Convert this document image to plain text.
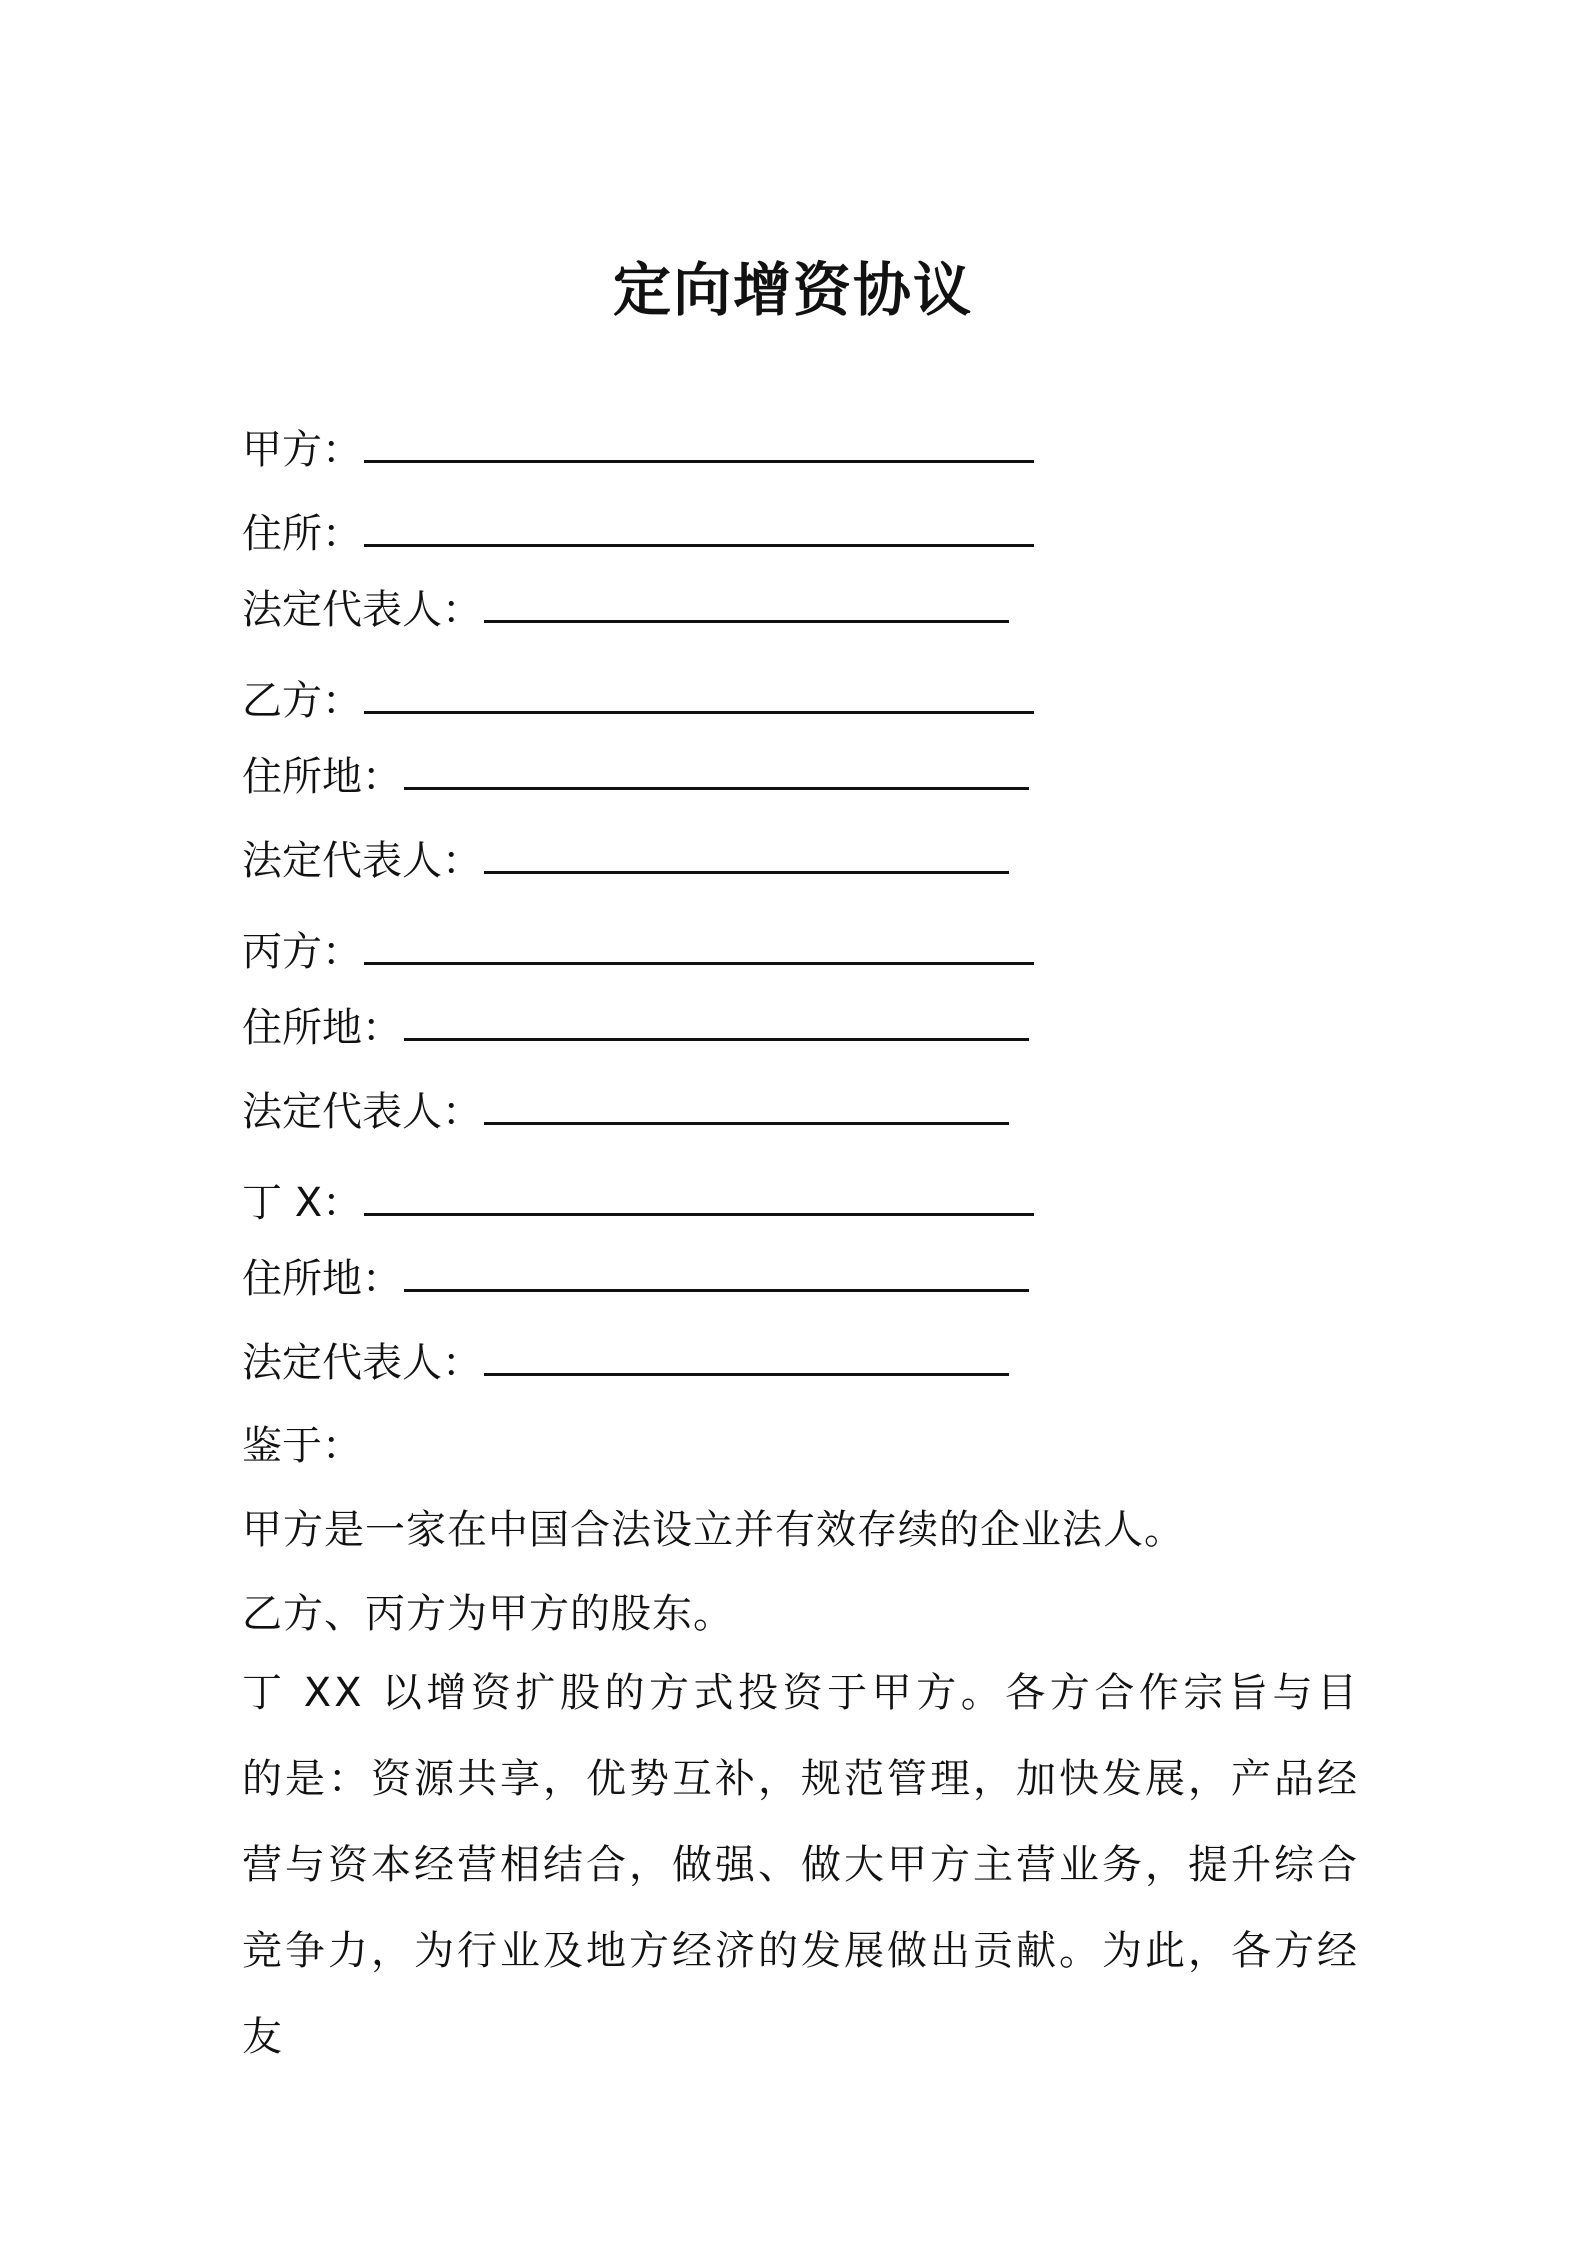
定向增资协议
甲方：
住所：
法定代表人：
乙方：
住所地：
法定代表人：
丙方：
住所地：
法定代表人：
丁 X：
住所地：
法定代表人：
鉴于：
甲方是一家在中国合法设立并有效存续的企业法人。
乙方、丙方为甲方的股东。
丁 XX 以增资扩股的方式投资于甲方。各方合作宗旨与目的是：资源共享，优势互补，规范管理，加快发展，产品经营与资本经营相结合，做强、做大甲方主营业务，提升综合竞争力，为行业及地方经济的发展做出贡献。为此，各方经友
